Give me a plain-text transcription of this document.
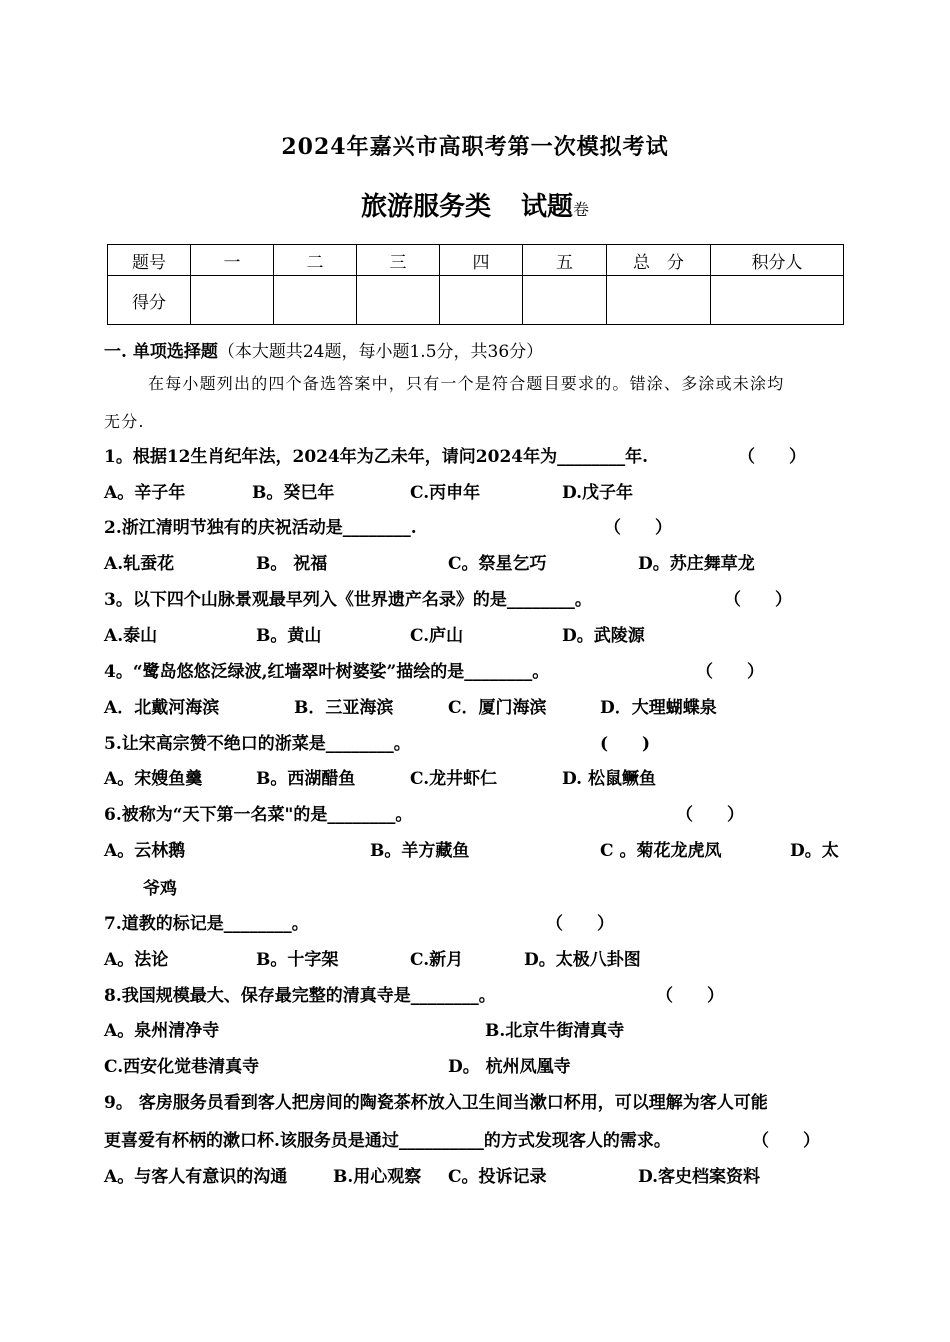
2024年嘉兴市高职考第一次模拟考试
旅游服务类 试题卷
题号	一	二	三	四	五	总　分	积分人
得分							
一. 单项选择题（本大题共24题，每小题1.5分，共36分）
在每小题列出的四个备选答案中，只有一个是符合题目要求的。错涂、多涂或未涂均
无分.
1。根据12生肖纪年法，2024年为乙未年，请问2024年为________年.	（　　）
A。辛子年	B。癸巳年	C.丙申年	D.戊子年
2.浙江清明节独有的庆祝活动是________.	（　　）
A.轧蚕花	B。 祝福	C。祭星乞巧	D。苏庄舞草龙
3。以下四个山脉景观最早列入《世界遗产名录》的是________。	（　　）
A.泰山	B。黄山	C.庐山	D。武陵源
4。“鹭岛悠悠泛绿波,红墙翠叶树婆娑”描绘的是________。	（　　）
A．北戴河海滨	B．三亚海滨	C．厦门海滨	D．大理蝴蝶泉
5.让宋高宗赞不绝口的浙菜是________。	(　　)
A。宋嫂鱼羹	B。西湖醋鱼	C.龙井虾仁	D. 松鼠鳜鱼
6.被称为“天下第一名菜"的是________。	（　　）
A。云林鹅	B。羊方藏鱼	C 。菊花龙虎凤	D。太
爷鸡
7.道教的标记是________。	（　　）
A。法论	B。十字架	C.新月	D。太极八卦图
8.我国规模最大、保存最完整的清真寺是________。	（　　）
A。泉州清净寺	B.北京牛街清真寺
C.西安化觉巷清真寺	D。 杭州凤凰寺
9。 客房服务员看到客人把房间的陶瓷茶杯放入卫生间当漱口杯用，可以理解为客人可能
更喜爱有杯柄的漱口杯.该服务员是通过__________的方式发现客人的需求。	（　　）
A。与客人有意识的沟通	B.用心观察 C。投诉记录	D.客史档案资料
